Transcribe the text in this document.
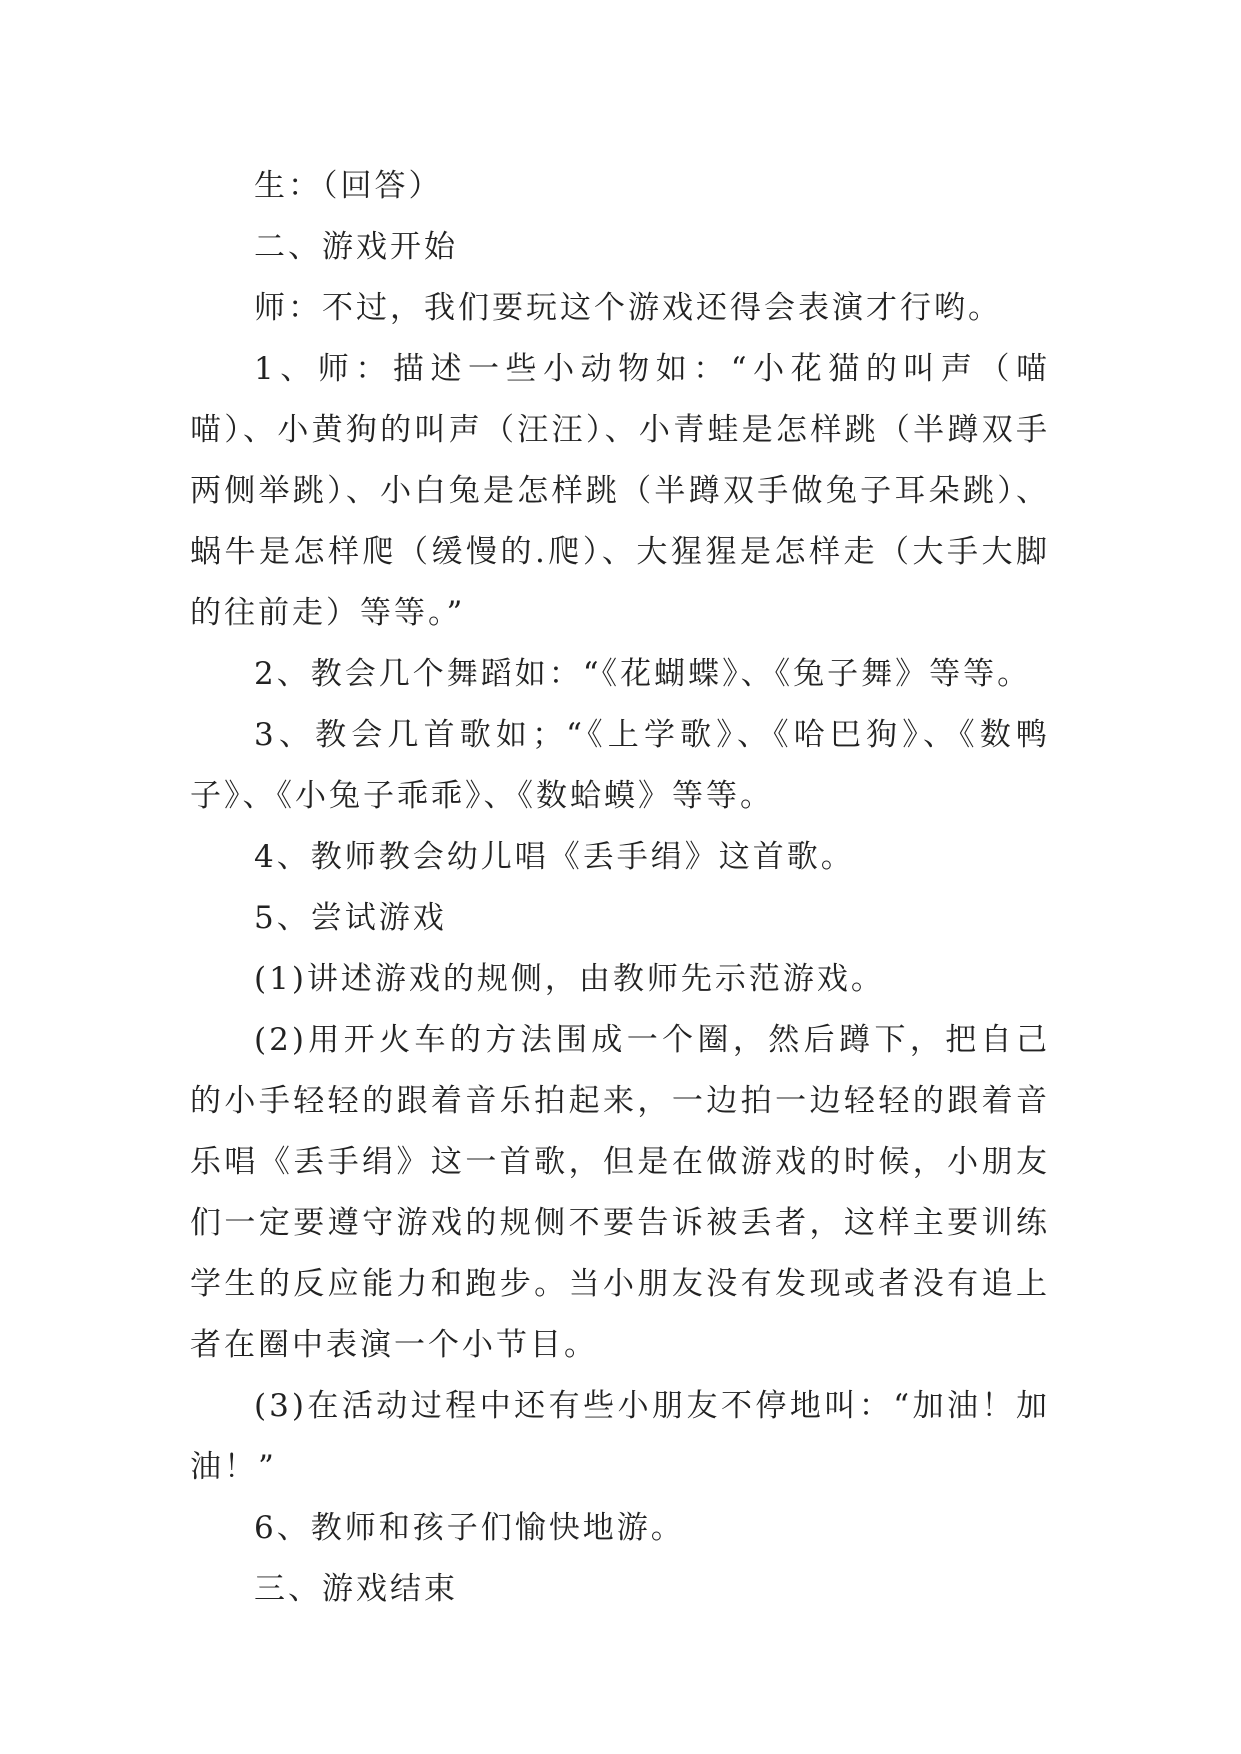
生：（回答）

二、游戏开始

师：不过，我们要玩这个游戏还得会表演才行哟。

1、师：描述一些小动物如：“小花猫的叫声（喵喵）、小黄狗的叫声（汪汪）、小青蛙是怎样跳（半蹲双手两侧举跳）、小白兔是怎样跳（半蹲双手做兔子耳朵跳）、蜗牛是怎样爬（缓慢的.爬）、大猩猩是怎样走（大手大脚的往前走）等等。”

2、教会几个舞蹈如：“《花蝴蝶》、《兔子舞》等等。

3、教会几首歌如；“《上学歌》、《哈巴狗》、《数鸭子》、《小兔子乖乖》、《数蛤蟆》等等。

4、教师教会幼儿唱《丢手绢》这首歌。

5、尝试游戏

(1)讲述游戏的规侧，由教师先示范游戏。

(2)用开火车的方法围成一个圈，然后蹲下，把自己的小手轻轻的跟着音乐拍起来，一边拍一边轻轻的跟着音乐唱《丢手绢》这一首歌，但是在做游戏的时候，小朋友们一定要遵守游戏的规侧不要告诉被丢者，这样主要训练学生的反应能力和跑步。当小朋友没有发现或者没有追上者在圈中表演一个小节目。

(3)在活动过程中还有些小朋友不停地叫：“加油！加油！”

6、教师和孩子们愉快地游。

三、游戏结束
